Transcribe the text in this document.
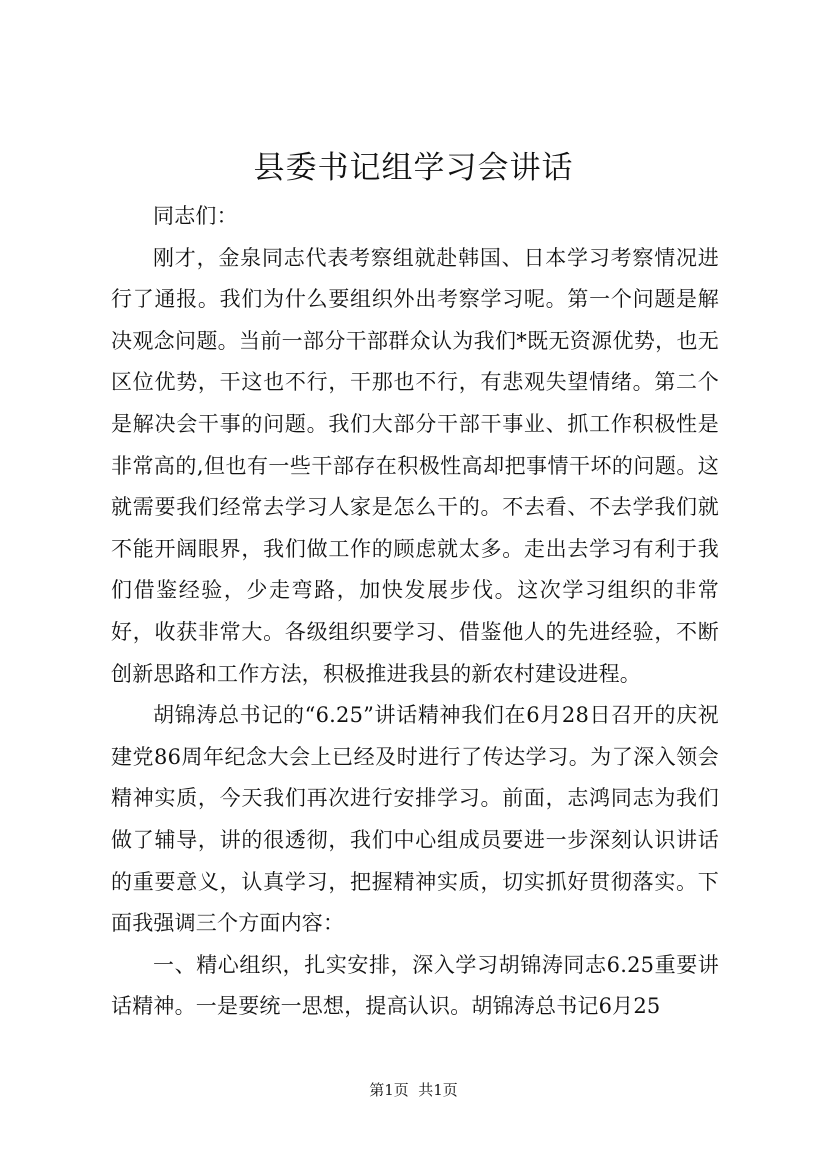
县委书记组学习会讲话

同志们：

刚才，金泉同志代表考察组就赴韩国、日本学习考察情况进行了通报。我们为什么要组织外出考察学习呢。第一个问题是解决观念问题。当前一部分干部群众认为我们*既无资源优势，也无区位优势，干这也不行，干那也不行，有悲观失望情绪。第二个是解决会干事的问题。我们大部分干部干事业、抓工作积极性是非常高的,但也有一些干部存在积极性高却把事情干坏的问题。这就需要我们经常去学习人家是怎么干的。不去看、不去学我们就不能开阔眼界，我们做工作的顾虑就太多。走出去学习有利于我们借鉴经验，少走弯路，加快发展步伐。这次学习组织的非常好，收获非常大。各级组织要学习、借鉴他人的先进经验，不断创新思路和工作方法，积极推进我县的新农村建设进程。

胡锦涛总书记的“6.25”讲话精神我们在6月28日召开的庆祝建党86周年纪念大会上已经及时进行了传达学习。为了深入领会精神实质，今天我们再次进行安排学习。前面，志鸿同志为我们做了辅导，讲的很透彻，我们中心组成员要进一步深刻认识讲话的重要意义，认真学习，把握精神实质，切实抓好贯彻落实。下面我强调三个方面内容：

一、精心组织，扎实安排，深入学习胡锦涛同志6.25重要讲话精神。一是要统一思想，提高认识。胡锦涛总书记6月25

第1页  共1页
